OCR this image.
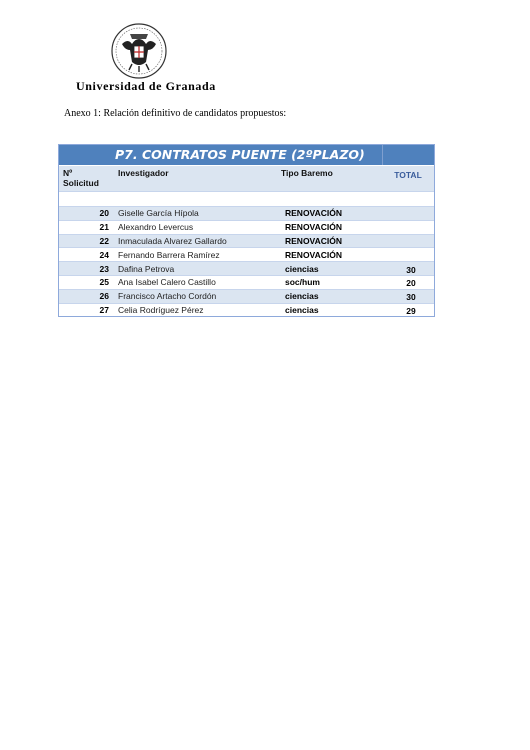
Universidad de Granada
Anexo 1: Relación definitivo de candidatos propuestos:
P7. CONTRATOS PUENTE (2ºPLAZO)
Nº
Solicitud
Investigador	Tipo Baremo	TOTAL
20	Giselle García Hípola	RENOVACIÓN
21	Alexandro Levercus	RENOVACIÓN
22	Inmaculada Alvarez Gallardo	RENOVACIÓN
24	Fernando Barrera Ramírez	RENOVACIÓN
23	Dafina Petrova	ciencias	30
25	Ana Isabel Calero Castillo	soc/hum	20
26	Francisco Artacho Cordón	ciencias	30
27	Celia Rodríguez Pérez	ciencias	29
